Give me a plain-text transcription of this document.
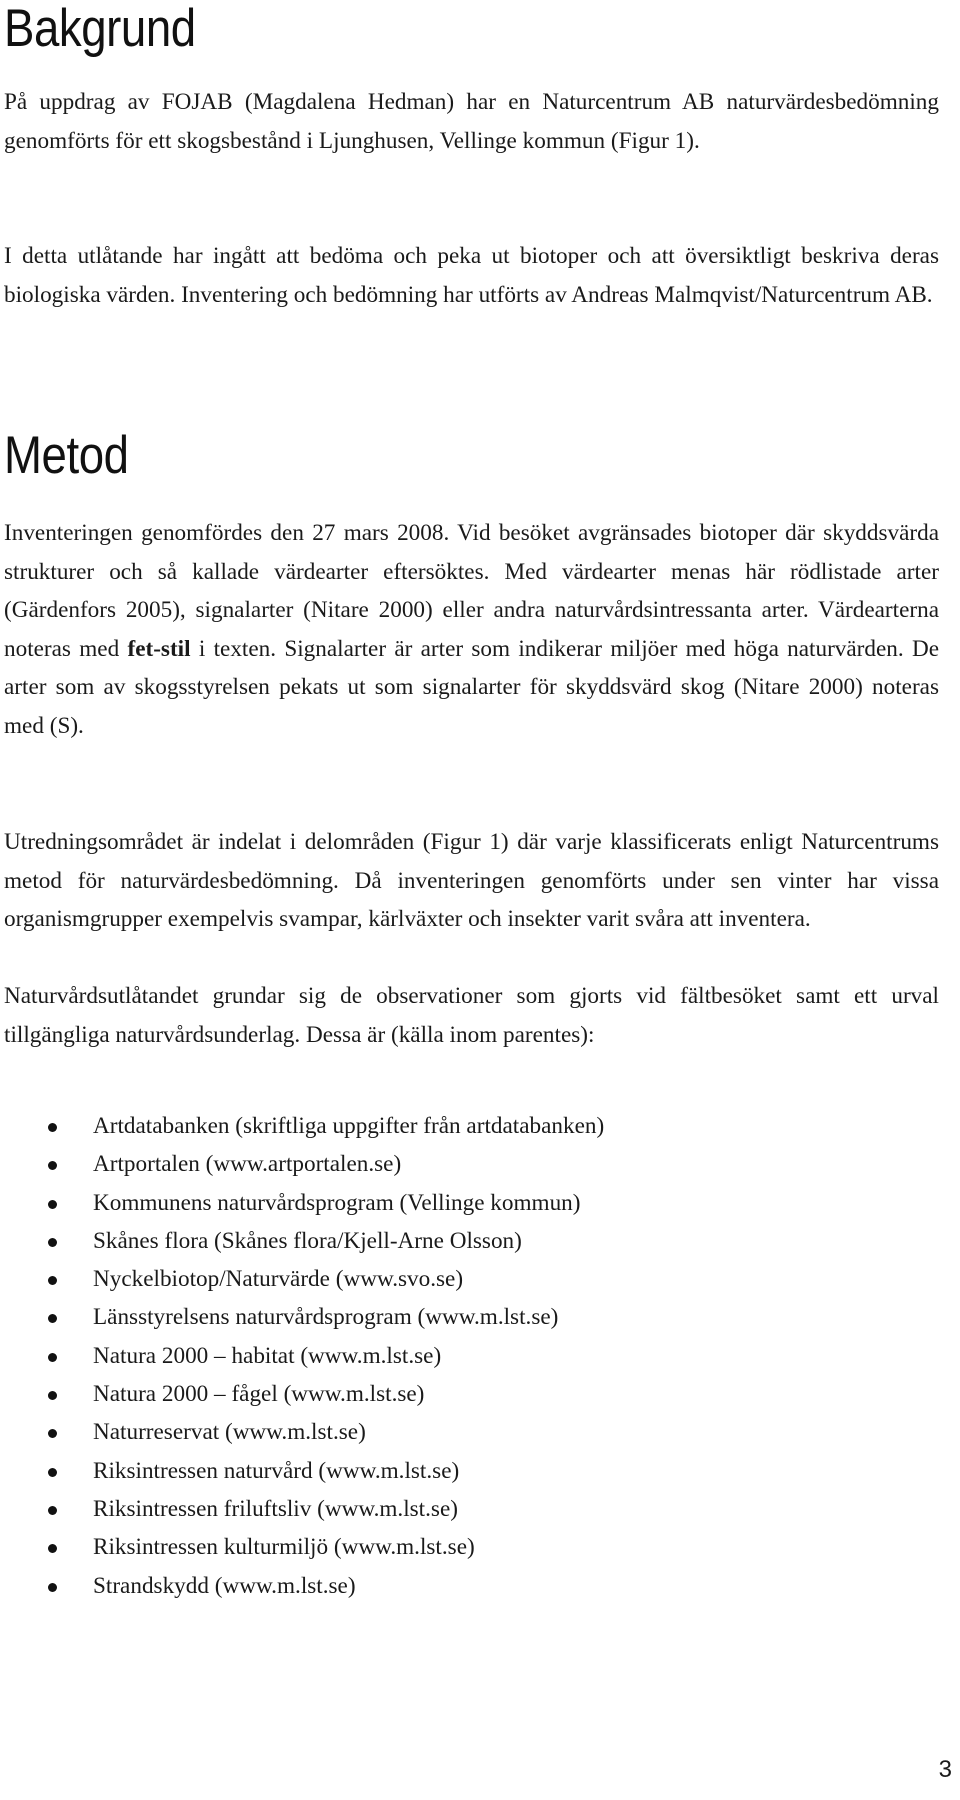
Bakgrund

På uppdrag av FOJAB (Magdalena Hedman) har en Naturcentrum AB naturvärdesbedömning genomförts för ett skogsbestånd i Ljunghusen, Vellinge kommun (Figur 1).

I detta utlåtande har ingått att bedöma och peka ut biotoper och att översiktligt beskriva deras biologiska värden. Inventering och bedömning har utförts av Andreas Malmqvist/Naturcentrum AB.

Metod

Inventeringen genomfördes den 27 mars 2008. Vid besöket avgränsades biotoper där skyddsvärda strukturer och så kallade värdearter eftersöktes. Med värdearter menas här rödlistade arter (Gärdenfors 2005), signalarter (Nitare 2000) eller andra naturvårdsintressanta arter. Värdearterna noteras med fet-stil i texten. Signalarter är arter som indikerar miljöer med höga naturvärden. De arter som av skogsstyrelsen pekats ut som signalarter för skyddsvärd skog (Nitare 2000) noteras med (S).

Utredningsområdet är indelat i delområden (Figur 1) där varje klassificerats enligt Naturcentrums metod för naturvärdesbedömning. Då inventeringen genomförts under sen vinter har vissa organismgrupper exempelvis svampar, kärlväxter och insekter varit svåra att inventera.

Naturvårdsutlåtandet grundar sig de observationer som gjorts vid fältbesöket samt ett urval tillgängliga naturvårdsunderlag. Dessa är (källa inom parentes):

Artdatabanken (skriftliga uppgifter från artdatabanken)
Artportalen (www.artportalen.se)
Kommunens naturvårdsprogram (Vellinge kommun)
Skånes flora (Skånes flora/Kjell-Arne Olsson)
Nyckelbiotop/Naturvärde (www.svo.se)
Länsstyrelsens naturvårdsprogram (www.m.lst.se)
Natura 2000 – habitat (www.m.lst.se)
Natura 2000 – fågel (www.m.lst.se)
Naturreservat (www.m.lst.se)
Riksintressen naturvård (www.m.lst.se)
Riksintressen friluftsliv (www.m.lst.se)
Riksintressen kulturmiljö (www.m.lst.se)
Strandskydd (www.m.lst.se)
3
